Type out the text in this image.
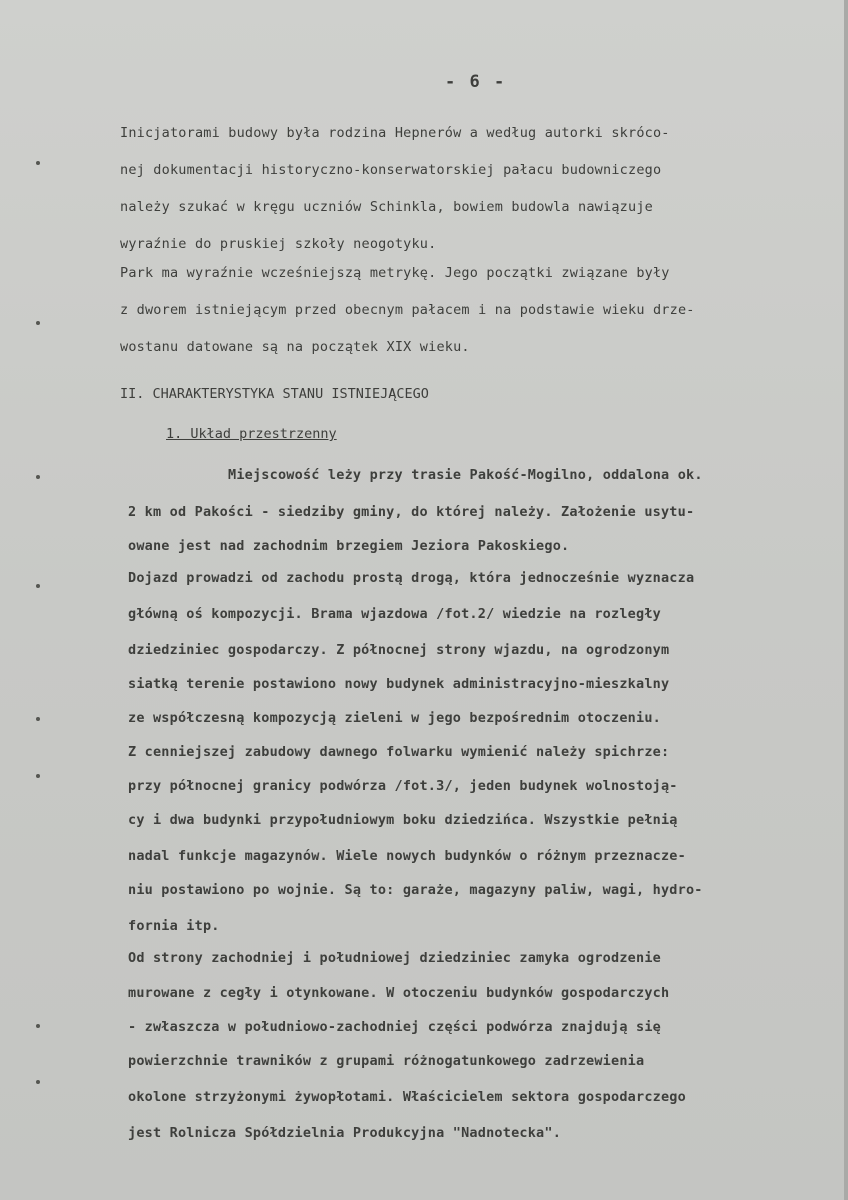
- 6 -
Inicjatorami budowy była rodzina Hepnerów a według autorki skróco-
nej dokumentacji historyczno-konserwatorskiej pałacu budowniczego
należy szukać w kręgu uczniów Schinkla, bowiem budowla nawiązuje
wyraźnie do pruskiej szkoły neogotyku.
Park ma wyraźnie wcześniejszą metrykę. Jego początki związane były
z dworem istniejącym przed obecnym pałacem i na podstawie wieku drze-
wostanu datowane są na początek XIX wieku.
II. CHARAKTERYSTYKA STANU ISTNIEJĄCEGO
1. Układ przestrzenny
Miejscowość leży przy trasie Pakość-Mogilno, oddalona ok.
2 km od Pakości - siedziby gminy, do której należy. Założenie usytu-
owane jest nad zachodnim brzegiem Jeziora Pakoskiego.
Dojazd prowadzi od zachodu prostą drogą, która jednocześnie wyznacza
główną oś kompozycji. Brama wjazdowa /fot.2/ wiedzie na rozległy
dziedziniec gospodarczy. Z północnej strony wjazdu, na ogrodzonym
siatką terenie postawiono nowy budynek administracyjno-mieszkalny
ze współczesną kompozycją zieleni w jego bezpośrednim otoczeniu.
Z cenniejszej zabudowy dawnego folwarku wymienić należy spichrze:
przy północnej granicy podwórza /fot.3/, jeden budynek wolnostoją-
cy i dwa budynki przypołudniowym boku dziedzińca. Wszystkie pełnią
nadal funkcje magazynów. Wiele nowych budynków o różnym przeznacze-
niu postawiono po wojnie. Są to: garaże, magazyny paliw, wagi, hydro-
fornia itp.
Od strony zachodniej i południowej dziedziniec zamyka ogrodzenie
murowane z cegły i otynkowane. W otoczeniu budynków gospodarczych
- zwłaszcza w południowo-zachodniej części podwórza znajdują się
powierzchnie trawników z grupami różnogatunkowego zadrzewienia
okolone strzyżonymi żywopłotami. Właścicielem sektora gospodarczego
jest Rolnicza Spółdzielnia Produkcyjna "Nadnotecka".
